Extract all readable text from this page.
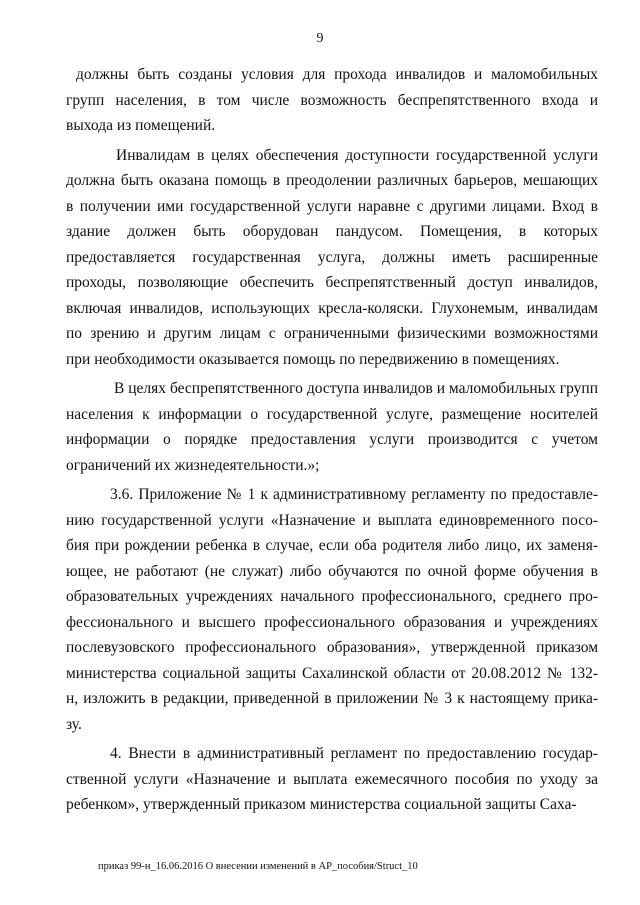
9
должны быть созданы условия для прохода инвалидов и маломобильных
групп населения, в том числе возможность беспрепятственного входа и
выхода из помещений.
Инвалидам в целях обеспечения доступности государственной услуги
должна быть оказана помощь в преодолении различных барьеров, мешающих
в получении ими государственной услуги наравне с другими лицами. Вход в
здание должен быть оборудован пандусом. Помещения, в которых
предоставляется государственная услуга, должны иметь расширенные
проходы, позволяющие обеспечить беспрепятственный доступ инвалидов,
включая инвалидов, использующих кресла-коляски. Глухонемым, инвалидам
по зрению и другим лицам с ограниченными физическими возможностями
при необходимости оказывается помощь по передвижению в помещениях.
В целях беспрепятственного доступа инвалидов и маломобильных групп
населения к информации о государственной услуге, размещение носителей
информации о порядке предоставления услуги производится с учетом
ограничений их жизнедеятельности.»;
3.6. Приложение № 1 к административному регламенту по предоставле-
нию государственной услуги «Назначение и выплата единовременного посо-
бия при рождении ребенка в случае, если оба родителя либо лицо, их заменя-
ющее, не работают (не служат) либо обучаются по очной форме обучения в
образовательных учреждениях начального профессионального, среднего про-
фессионального и высшего профессионального образования и учреждениях
послевузовского профессионального образования», утвержденной приказом
министерства социальной защиты Сахалинской области от 20.08.2012 № 132-
н, изложить в редакции, приведенной в приложении № 3 к настоящему прика-
зу.
4. Внести в административный регламент по предоставлению государ-
ственной услуги «Назначение и выплата ежемесячного пособия по уходу за
ребенком», утвержденный приказом министерства социальной защиты Саха-
приказ 99-н_16.06.2016 О внесении изменений в АР_пособия/Struct_10
